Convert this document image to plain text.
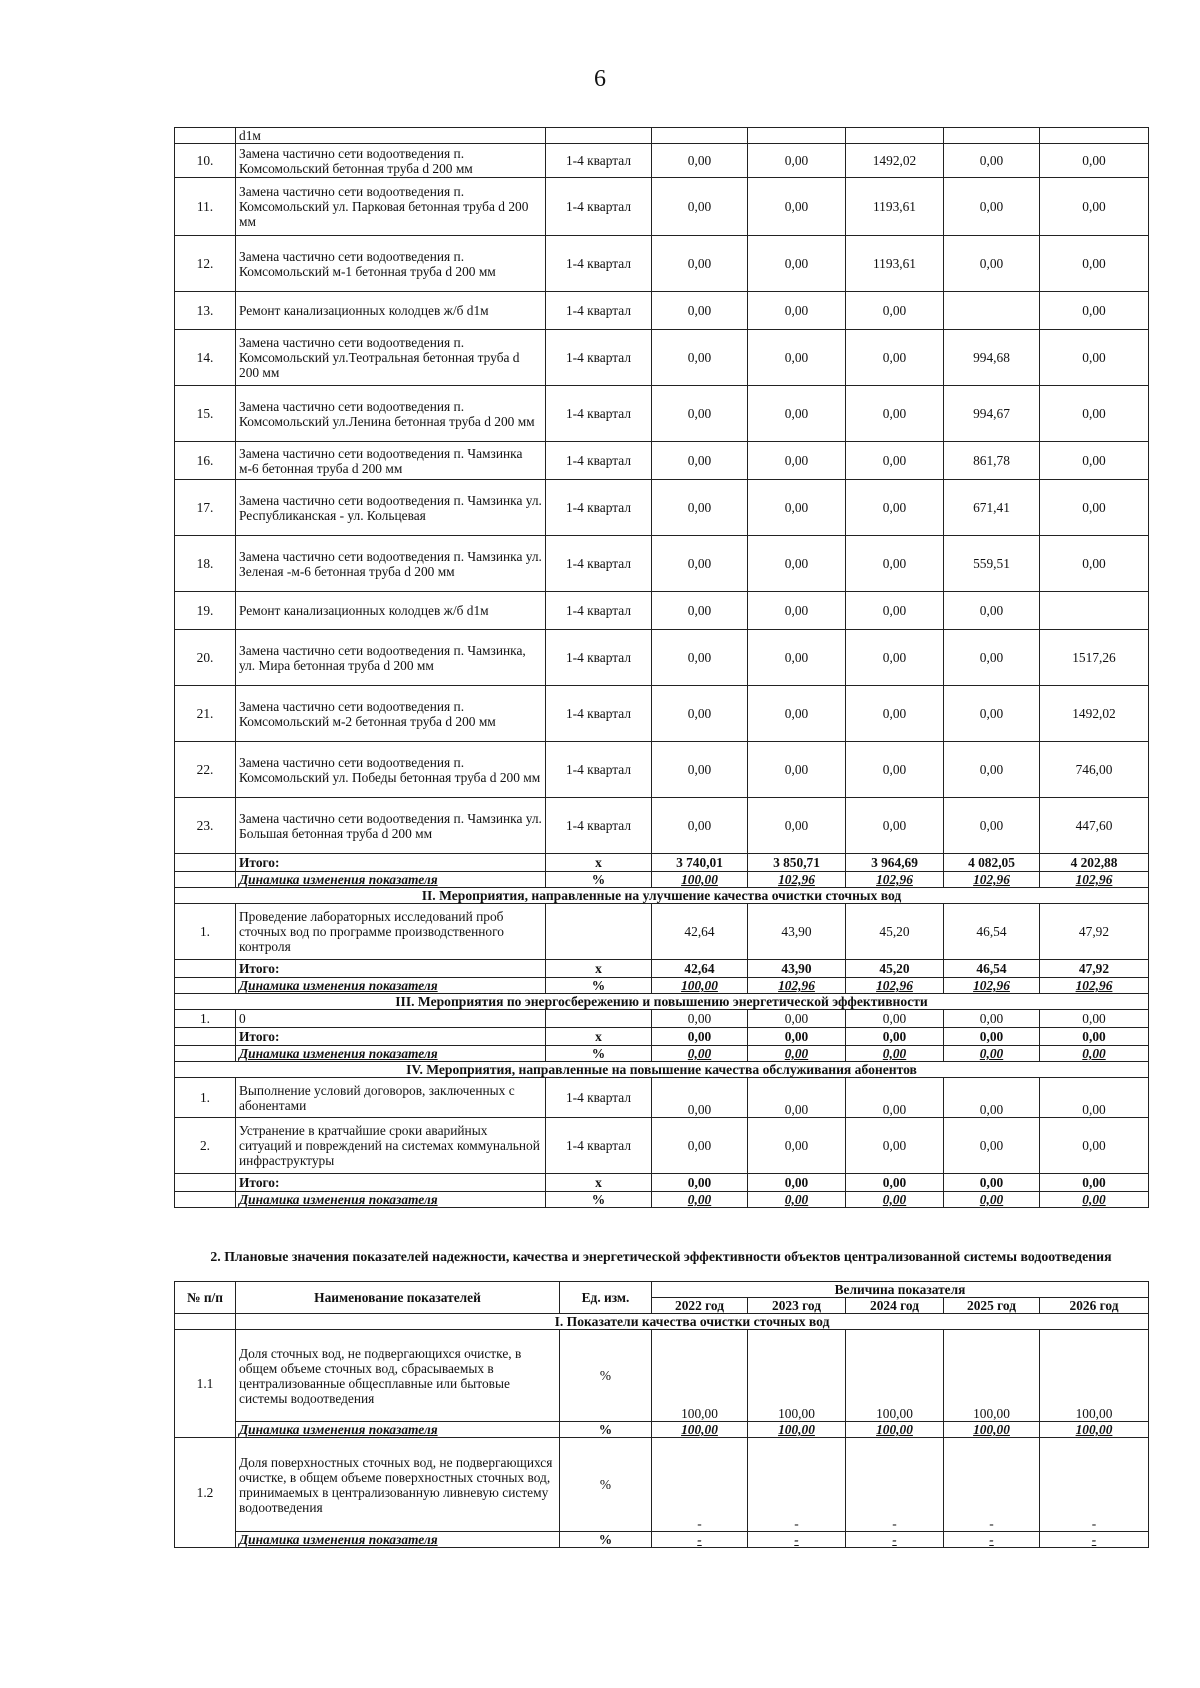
6
	d1м						
10.	Замена частично сети водоотведения п. Комсомольский бетонная труба d 200 мм	1-4 квартал	0,00	0,00	1492,02	0,00	0,00
11.	Замена частично сети водоотведения п. Комсомольский ул. Парковая бетонная труба d 200 мм	1-4 квартал	0,00	0,00	1193,61	0,00	0,00
12.	Замена частично сети водоотведения п. Комсомольский м-1 бетонная труба d 200 мм	1-4 квартал	0,00	0,00	1193,61	0,00	0,00
13.	Ремонт канализационных колодцев ж/б d1м	1-4 квартал	0,00	0,00	0,00		0,00
14.	Замена частично сети водоотведения п. Комсомольский ул.Теотральная бетонная труба d 200 мм	1-4 квартал	0,00	0,00	0,00	994,68	0,00
15.	Замена частично сети водоотведения п. Комсомольский ул.Ленина бетонная труба d 200 мм	1-4 квартал	0,00	0,00	0,00	994,67	0,00
16.	Замена частично сети водоотведения п. Чамзинка м-6 бетонная труба d 200 мм	1-4 квартал	0,00	0,00	0,00	861,78	0,00
17.	Замена частично сети водоотведения п. Чамзинка ул. Республиканская - ул. Кольцевая	1-4 квартал	0,00	0,00	0,00	671,41	0,00
18.	Замена частично сети водоотведения п. Чамзинка ул. Зеленая -м-6 бетонная труба d 200 мм	1-4 квартал	0,00	0,00	0,00	559,51	0,00
19.	Ремонт канализационных колодцев ж/б d1м	1-4 квартал	0,00	0,00	0,00	0,00	
20.	Замена частично сети водоотведения п. Чамзинка, ул. Мира бетонная труба d 200 мм	1-4 квартал	0,00	0,00	0,00	0,00	1517,26
21.	Замена частично сети водоотведения п. Комсомольский м-2 бетонная труба d 200 мм	1-4 квартал	0,00	0,00	0,00	0,00	1492,02
22.	Замена частично сети водоотведения п. Комсомольский ул. Победы бетонная труба d 200 мм	1-4 квартал	0,00	0,00	0,00	0,00	746,00
23.	Замена частично сети водоотведения п. Чамзинка ул. Большая бетонная труба d 200 мм	1-4 квартал	0,00	0,00	0,00	0,00	447,60
	Итого:	х	3 740,01	3 850,71	3 964,69	4 082,05	4 202,88
	Динамика изменения показателя	%	100,00	102,96	102,96	102,96	102,96
II. Мероприятия, направленные на улучшение качества очистки сточных вод							
1.	Проведение лабораторных исследований проб сточных вод по программе производственного контроля		42,64	43,90	45,20	46,54	47,92
	Итого:	х	42,64	43,90	45,20	46,54	47,92
	Динамика изменения показателя	%	100,00	102,96	102,96	102,96	102,96
III. Мероприятия по энергосбережению и повышению энергетической эффективности							
1.	0		0,00	0,00	0,00	0,00	0,00
	Итого:	х	0,00	0,00	0,00	0,00	0,00
	Динамика изменения показателя	%	0,00	0,00	0,00	0,00	0,00
IV. Мероприятия, направленные на повышение качества обслуживания абонентов							
1.	Выполнение условий договоров, заключенных с абонентами	1-4 квартал	0,00	0,00	0,00	0,00	0,00
2.	Устранение в кратчайшие сроки аварийных ситуаций и повреждений на системах коммунальной инфраструктуры	1-4 квартал	0,00	0,00	0,00	0,00	0,00
	Итого:	х	0,00	0,00	0,00	0,00	0,00
	Динамика изменения показателя	%	0,00	0,00	0,00	0,00	0,00
2. Плановые значения показателей надежности, качества и энергетической эффективности объектов централизованной системы водоотведения
№ п/п	Наименование показателей	Ед. изм.	Величина показателя				
			2022 год	2023 год	2024 год	2025 год	2026 год
	I. Показатели качества очистки сточных вод						
1.1	Доля сточных вод, не подвергающихся очистке, в общем объеме сточных вод, сбрасываемых в централизованные общесплавные или бытовые системы водоотведения	%	100,00	100,00	100,00	100,00	100,00
	Динамика изменения показателя	%	100,00	100,00	100,00	100,00	100,00
1.2	Доля поверхностных сточных вод, не подвергающихся очистке, в общем объеме поверхностных сточных вод, принимаемых в централизованную ливневую систему водоотведения	%	-	-	-	-	-
	Динамика изменения показателя	%	-	-	-	-	-
